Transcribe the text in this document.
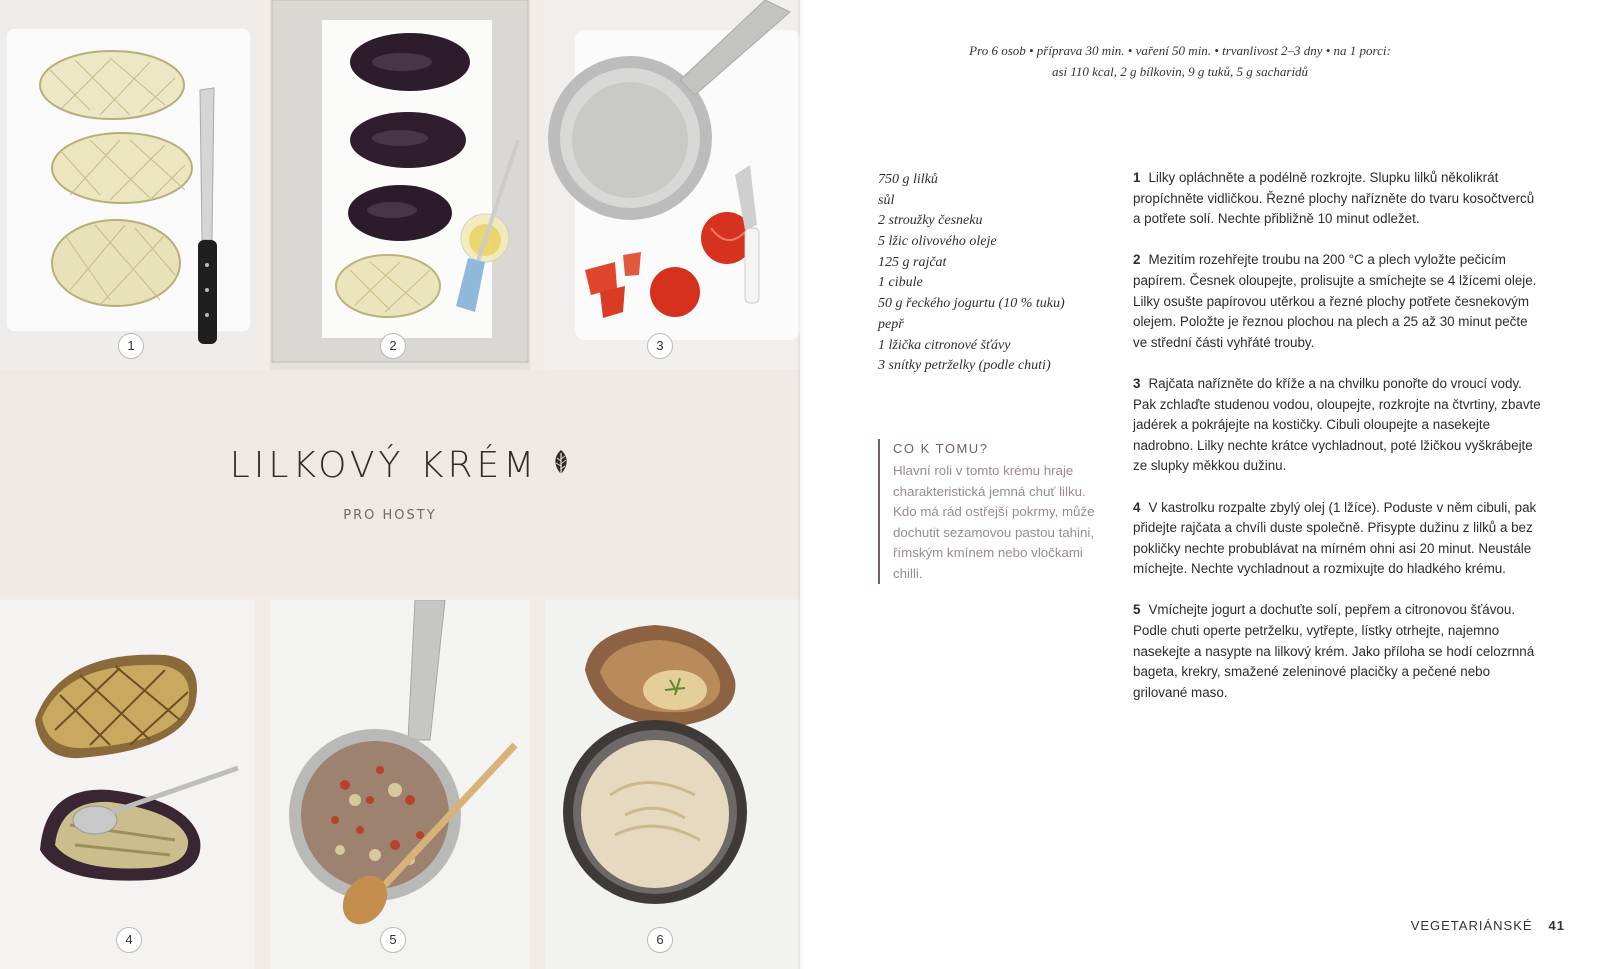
1	2	3
LILKOVÝ KRÉM
PRO HOSTY
4	5	6
Pro 6 osob • příprava 30 min. • vaření 50 min. • trvanlivost 2–3 dny • na 1 porci:
asi 110 kcal, 2 g bílkovin, 9 g tuků, 5 g sacharidů
750 g lilků
sůl
2 stroužky česneku
5 lžic olivového oleje
125 g rajčat
1 cibule
50 g řeckého jogurtu (10 % tuku)
pepř
1 lžička citronové šťávy
3 snítky petrželky (podle chuti)
CO K TOMU?
Hlavní roli v tomto krému hraje charakteristická jemná chuť lilku. Kdo má rád ostřejší pokrmy, může dochutit sezamovou pastou tahini, římským kmínem nebo vločkami chilli.
1 Lilky opláchněte a podélně rozkrojte. Slupku lilků několikrát propíchněte vidličkou. Řezné plochy nařízněte do tvaru kosočtverců a potřete solí. Nechte přibližně 10 minut odležet.
2 Mezitím rozehřejte troubu na 200 °C a plech vyložte pečicím papírem. Česnek oloupejte, prolisujte a smíchejte se 4 lžícemi oleje. Lilky osušte papírovou utěrkou a řezné plochy potřete česnekovým olejem. Položte je řeznou plochou na plech a 25 až 30 minut pečte ve střední části vyhřáté trouby.
3 Rajčata nařízněte do kříže a na chvilku ponořte do vroucí vody. Pak zchlaďte studenou vodou, oloupejte, rozkrojte na čtvrtiny, zbavte jadérek a pokrájejte na kostičky. Cibuli oloupejte a nasekejte nadrobno. Lilky nechte krátce vychladnout, poté lžičkou vyškrábejte ze slupky měkkou dužinu.
4 V kastrolku rozpalte zbylý olej (1 lžíce). Poduste v něm cibuli, pak přidejte rajčata a chvíli duste společně. Přisypte dužinu z lilků a bez pokličky nechte probublávat na mírném ohni asi 20 minut. Neustále míchejte. Nechte vychladnout a rozmixujte do hladkého krému.
5 Vmíchejte jogurt a dochuťte solí, pepřem a citronovou šťávou. Podle chuti operte petrželku, vytřepte, lístky otrhejte, najemno nasekejte a nasypte na lilkový krém. Jako příloha se hodí celozrnná bageta, krekry, smažené zeleninové placičky a pečené nebo grilované maso.
VEGETARIÁNSKÉ 41
